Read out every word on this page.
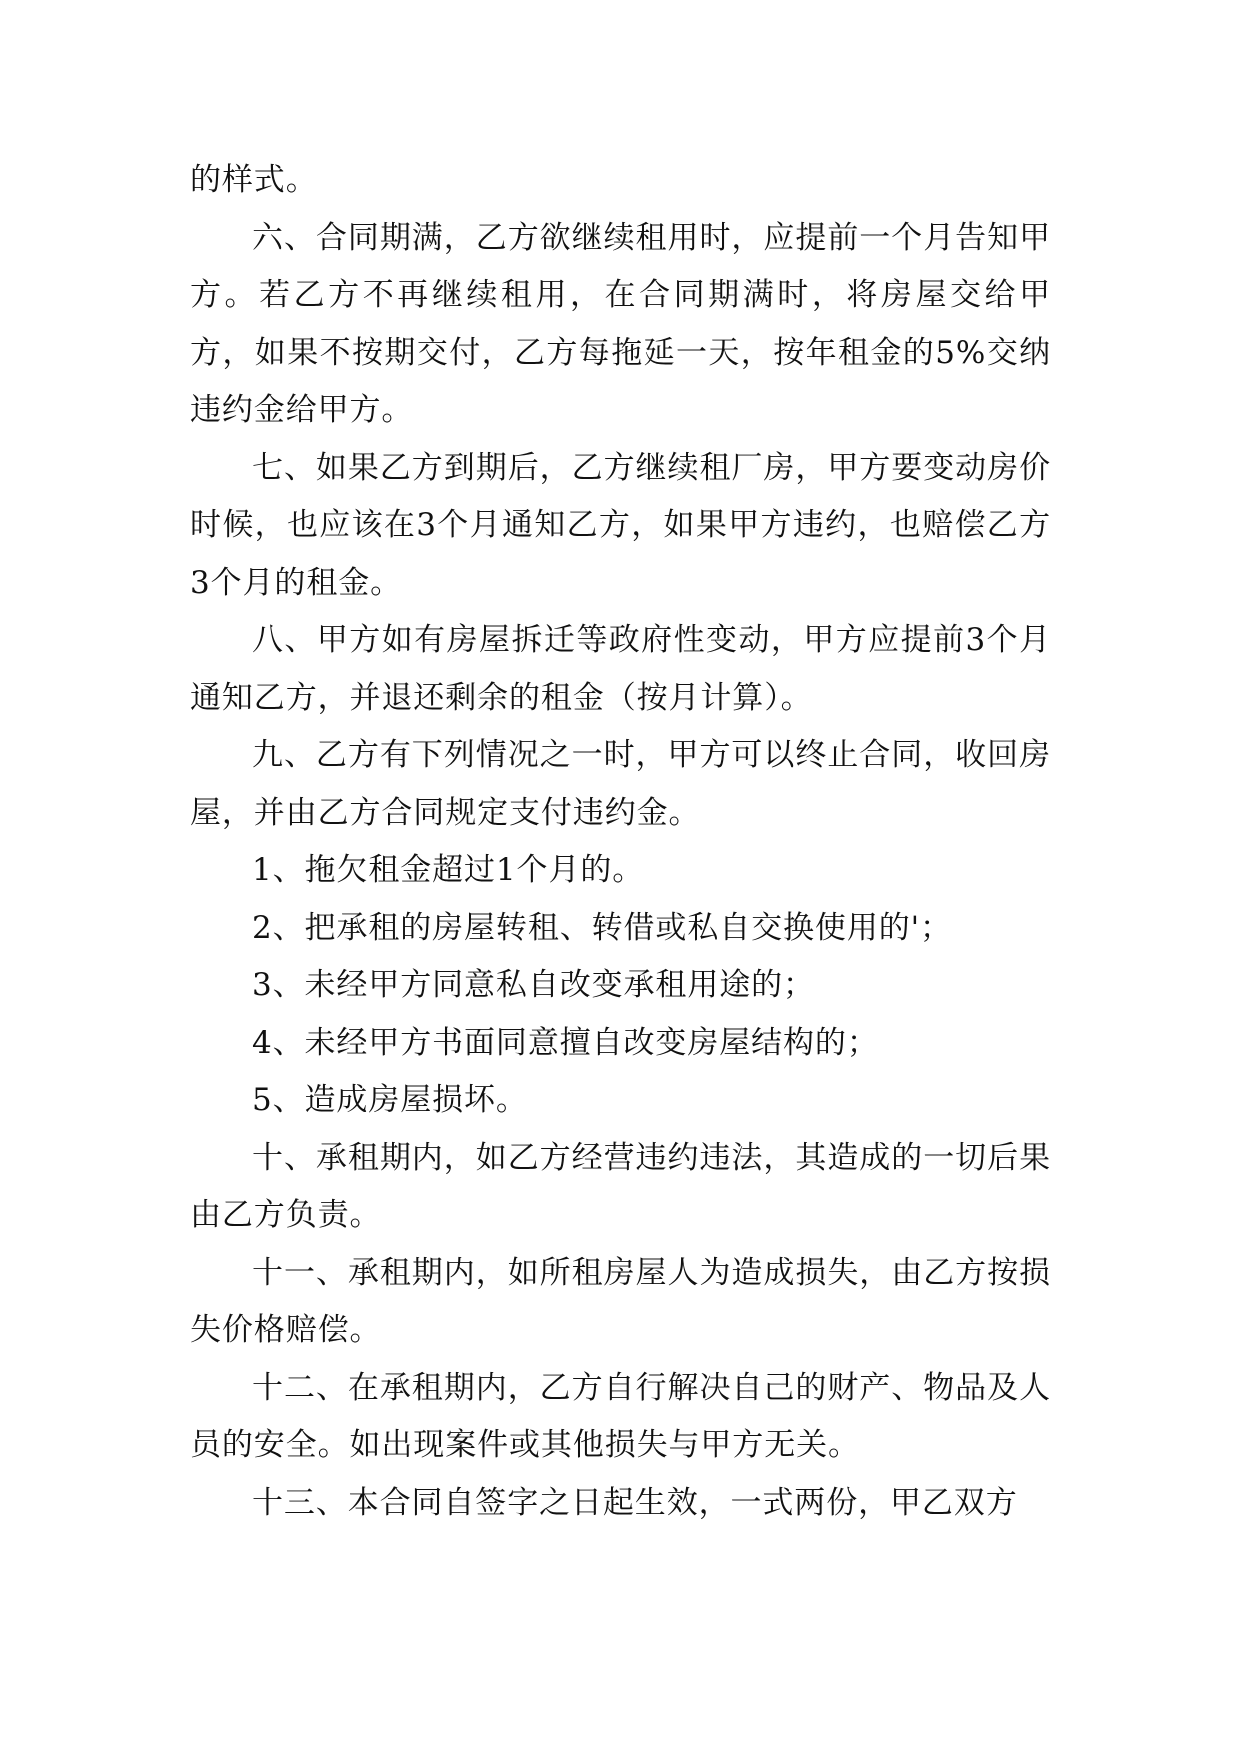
的样式。

六、合同期满，乙方欲继续租用时，应提前一个月告知甲方。若乙方不再继续租用，在合同期满时，将房屋交给甲方，如果不按期交付，乙方每拖延一天，按年租金的5%交纳违约金给甲方。

七、如果乙方到期后，乙方继续租厂房，甲方要变动房价时候，也应该在3个月通知乙方，如果甲方违约，也赔偿乙方3个月的租金。

八、甲方如有房屋拆迁等政府性变动，甲方应提前3个月通知乙方，并退还剩余的租金（按月计算）。

九、乙方有下列情况之一时，甲方可以终止合同，收回房屋，并由乙方合同规定支付违约金。

1、拖欠租金超过1个月的。

2、把承租的房屋转租、转借或私自交换使用的'；

3、未经甲方同意私自改变承租用途的；

4、未经甲方书面同意擅自改变房屋结构的；

5、造成房屋损坏。

十、承租期内，如乙方经营违约违法，其造成的一切后果由乙方负责。

十一、承租期内，如所租房屋人为造成损失，由乙方按损失价格赔偿。

十二、在承租期内，乙方自行解决自己的财产、物品及人员的安全。如出现案件或其他损失与甲方无关。

十三、本合同自签字之日起生效，一式两份，甲乙双方
